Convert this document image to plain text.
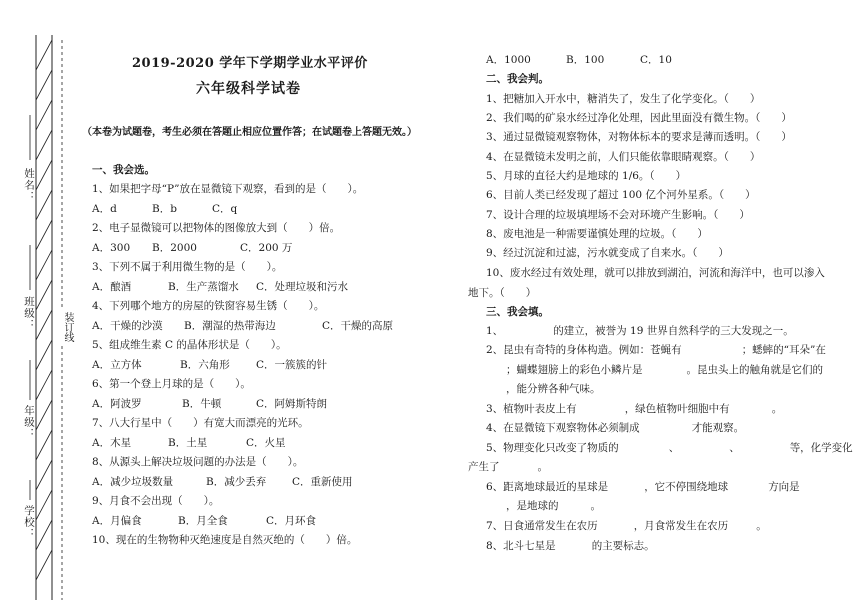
姓名：
班级：
年级：
学校：
装订线
2019-2020 学年下学期学业水平评价
六年级科学试卷
（本卷为试题卷，考生必须在答题止相应位置作答；在试题卷上答题无效。）
一、我会选。
1、如果把字母“P”放在显微镜下观察，看到的是（　　）。
A．d	B．b	C．q
2、电子显微镜可以把物体的图像放大到（　　）倍。
A．300 B．2000	C．200 万
3、下列不属于利用微生物的是（　　）。
A．酿酒	B．生产蒸馏水 C．处理垃圾和污水
4、下列哪个地方的房屋的铁窗容易生锈（　　）。
A．干燥的沙漠 B．潮湿的热带海边	C．干燥的高原
5、组成维生素 C 的晶体形状是（　　）。
A．立方体	B．六角形	C．一簇簇的针
6、第一个登上月球的是（　　）。
A．阿波罗	B．牛顿	C．阿姆斯特朗
7、八大行星中（　　）有宽大而漂亮的光环。
A．木星	B．土星	C．火星
8、从源头上解决垃圾问题的办法是（　　）。
A．减少垃圾数量	B．减少丢弃 C．重新使用
9、月食不会出现（　　）。
A．月偏食	B．月全食	C．月环食
10、现在的生物物种灭绝速度是自然灭绝的（　　）倍。
A．1000	B．100	C．10
二、我会判。
1、把糖加入开水中，糖消失了，发生了化学变化。（　　）
2、我们喝的矿泉水经过净化处理，因此里面没有微生物。（　　）
3、通过显微镜观察物体，对物体标本的要求是薄而透明。（　　）
4、在显微镜未发明之前，人们只能依靠眼睛观察。（　　）
5、月球的直径大约是地球的 1/6。（　　）
6、目前人类已经发现了超过 100 亿个河外星系。（　　）
7、设计合理的垃圾填埋场不会对环境产生影响。（　　）
8、废电池是一种需要谨慎处理的垃圾。（　　）
9、经过沉淀和过滤，污水就变成了自来水。（　　）
10、废水经过有效处理，就可以排放到湖泊，河流和海洋中，也可以渗入
地下。（　　）
三、我会填。
1、	的建立，被誉为 19 世界自然科学的三大发现之一。
2、昆虫有奇特的身体构造。例如：苍蝇有	；蟋蟀的“耳朵”在
；蝴蝶翅膀上的彩色小鳞片是	。昆虫头上的触角就是它们的
，能分辨各种气味。
3、植物叶表皮上有	，绿色植物叶细胞中有	。
4、在显微镜下观察物体必须制成	才能观察。
5、物理变化只改变了物质的	、	、	等，化学变化
产生了	。
6、距离地球最近的星球是	，它不停围绕地球	方向是
，是地球的	。
7、日食通常发生在农历	，月食常发生在农历	。
8、北斗七星是	的主要标志。
